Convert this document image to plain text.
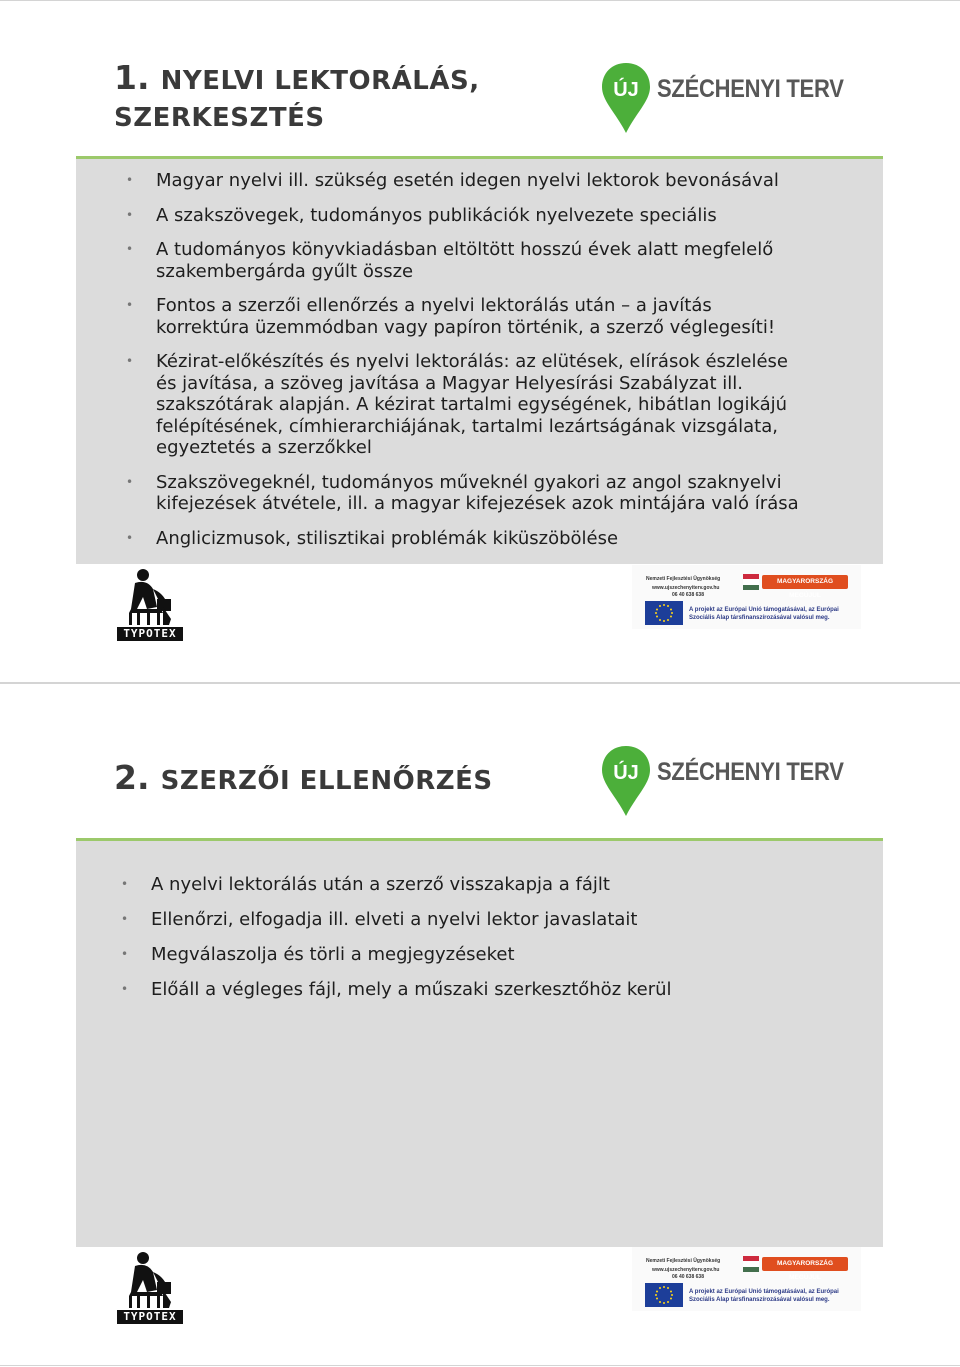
1. NYELVI LEKTORÁLÁS,
SZERKESZTÉS
ÚJ SZÉCHENYI TERV
• Magyar nyelvi ill. szükség esetén idegen nyelvi lektorok bevonásával
• A szakszövegek, tudományos publikációk nyelvezete speciális
• A tudományos könyvkiadásban eltöltött hosszú évek alatt megfelelő
szakembergárda gyűlt össze
• Fontos a szerzői ellenőrzés a nyelvi lektorálás után – a javítás
korrektúra üzemmódban vagy papíron történik, a szerző véglegesíti!
• Kézirat-előkészítés és nyelvi lektorálás: az elütések, elírások észlelése
és javítása, a szöveg javítása a Magyar Helyesírási Szabályzat ill.
szakszótárak alapján. A kézirat tartalmi egységének, hibátlan logikájú
felépítésének, címhierarchiájának, tartalmi lezártságának vizsgálata,
egyeztetés a szerzőkkel
• Szakszövegeknél, tudományos műveknél gyakori az angol szaknyelvi
kifejezések átvétele, ill. a magyar kifejezések azok mintájára való írása
• Anglicizmusok, stilisztikai problémák kiküszöbölése
TYPOTEX
Nemzeti Fejlesztési Ügynökség
www.ujszechenyiterv.gov.hu
06 40 638 638
MAGYARORSZÁG MEGÚJUL
A projekt az Európai Unió támogatásával, az Európai
Szociális Alap társfinanszírozásával valósul meg.
2. SZERZŐI ELLENŐRZÉS	ÚJ SZÉCHENYI TERV
• A nyelvi lektorálás után a szerző visszakapja a fájlt
• Ellenőrzi, elfogadja ill. elveti a nyelvi lektor javaslatait
• Megválaszolja és törli a megjegyzéseket
• Előáll a végleges fájl, mely a műszaki szerkesztőhöz kerül
TYPOTEX
Nemzeti Fejlesztési Ügynökség
www.ujszechenyiterv.gov.hu
06 40 638 638
MAGYARORSZÁG MEGÚJUL
A projekt az Európai Unió támogatásával, az Európai
Szociális Alap társfinanszírozásával valósul meg.
